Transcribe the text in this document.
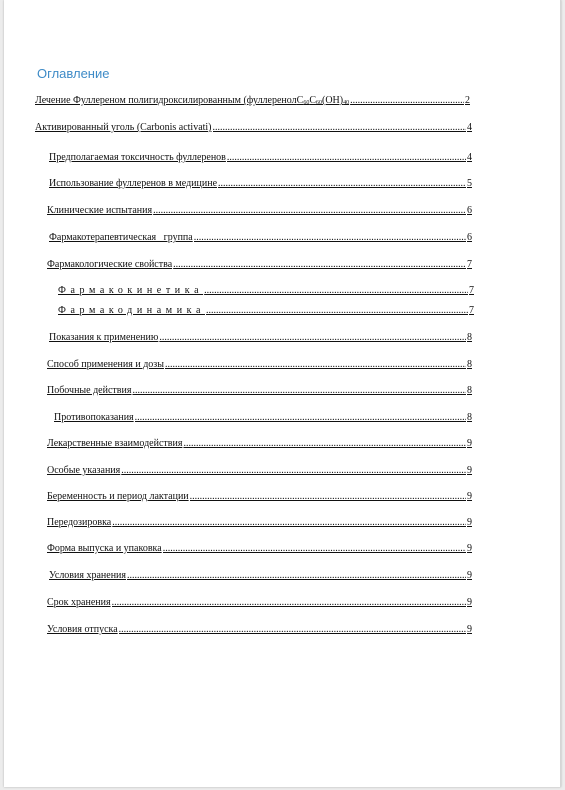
Оглавление
Лечение Фуллереном полигидроксилированным ($фуллеренолC_{60}C_{60}(OH)_{40}$ .....	2
Активированный уголь (Carbonis activati) .....	4
Предполагаемая токсичность фуллеренов .....	4
Использование фуллеренов в медицине .....	5
Клинические испытания .....	6
Фармакотерапевтическая   группа .....	6
Фармакологические свойства .....	7
Фармакокинетика .....	7
Фармакодинамика .....	7
Показания к применению .....	8
Способ применения и дозы .....	8
Побочные действия .....	8
Противопоказания .....	8
Лекарственные взаимодействия .....	9
Особые указания .....	9
Беременность и период лактации .....	9
Передозировка .....	9
Форма выпуска и упаковка .....	9
Условия хранения .....	9
Срок хранения .....	9
Условия отпуска .....	9
